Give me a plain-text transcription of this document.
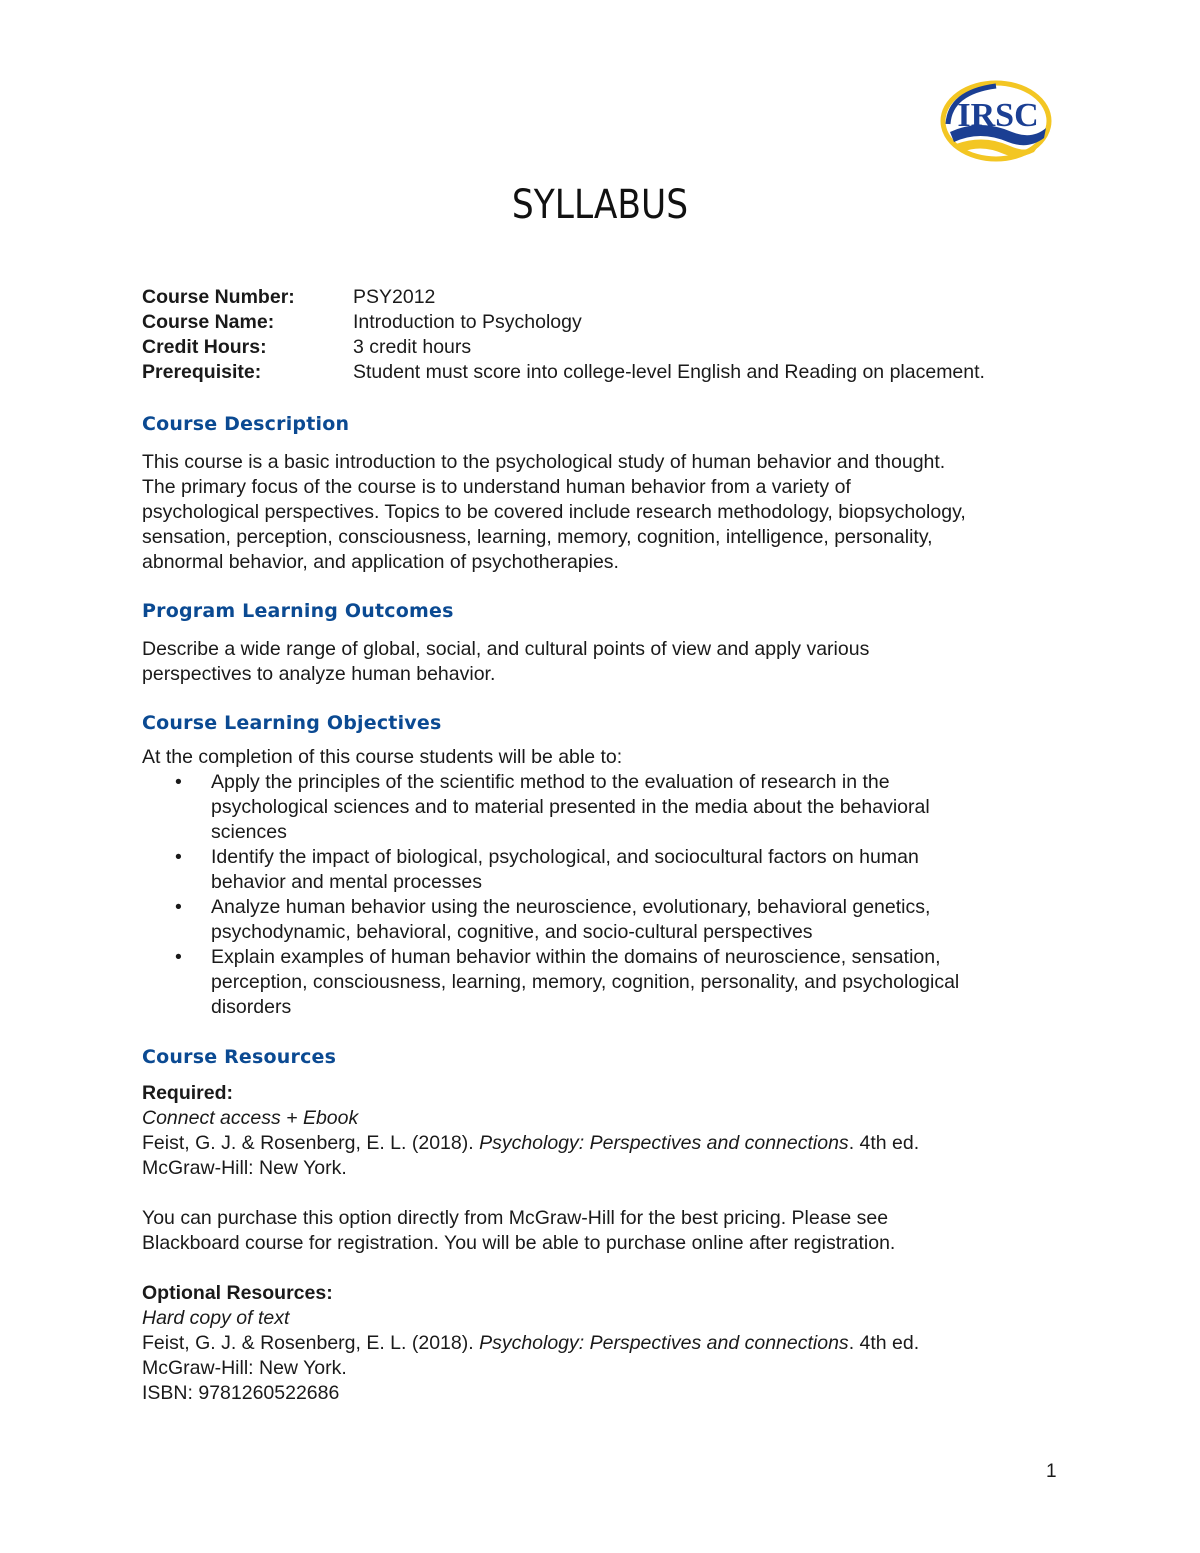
IRSC
SYLLABUS
Course Number:	PSY2012
Course Name:	Introduction to Psychology
Credit Hours:	3 credit hours
Prerequisite:	Student must score into college-level English and Reading on placement.
Course Description

This course is a basic introduction to the psychological study of human behavior and thought.

The primary focus of the course is to understand human behavior from a variety of

psychological perspectives. Topics to be covered include research methodology, biopsychology,

sensation, perception, consciousness, learning, memory, cognition, intelligence, personality,

abnormal behavior, and application of psychotherapies.

Program Learning Outcomes

Describe a wide range of global, social, and cultural points of view and apply various

perspectives to analyze human behavior.

Course Learning Objectives

At the completion of this course students will be able to:

• Apply the principles of the scientific method to the evaluation of research in the
psychological sciences and to material presented in the media about the behavioral
sciences
• Identify the impact of biological, psychological, and sociocultural factors on human
behavior and mental processes
• Analyze human behavior using the neuroscience, evolutionary, behavioral genetics,
psychodynamic, behavioral, cognitive, and socio-cultural perspectives
• Explain examples of human behavior within the domains of neuroscience, sensation,
perception, consciousness, learning, memory, cognition, personality, and psychological
disorders
Course Resources

Required:

Connect access + Ebook

Feist, G. J. & Rosenberg, E. L. (2018). Psychology: Perspectives and connections. 4th ed.

McGraw-Hill: New York.

You can purchase this option directly from McGraw-Hill for the best pricing. Please see

Blackboard course for registration. You will be able to purchase online after registration.

Optional Resources:

Hard copy of text

Feist, G. J. & Rosenberg, E. L. (2018). Psychology: Perspectives and connections. 4th ed.

McGraw-Hill: New York.

ISBN: 9781260522686

1
